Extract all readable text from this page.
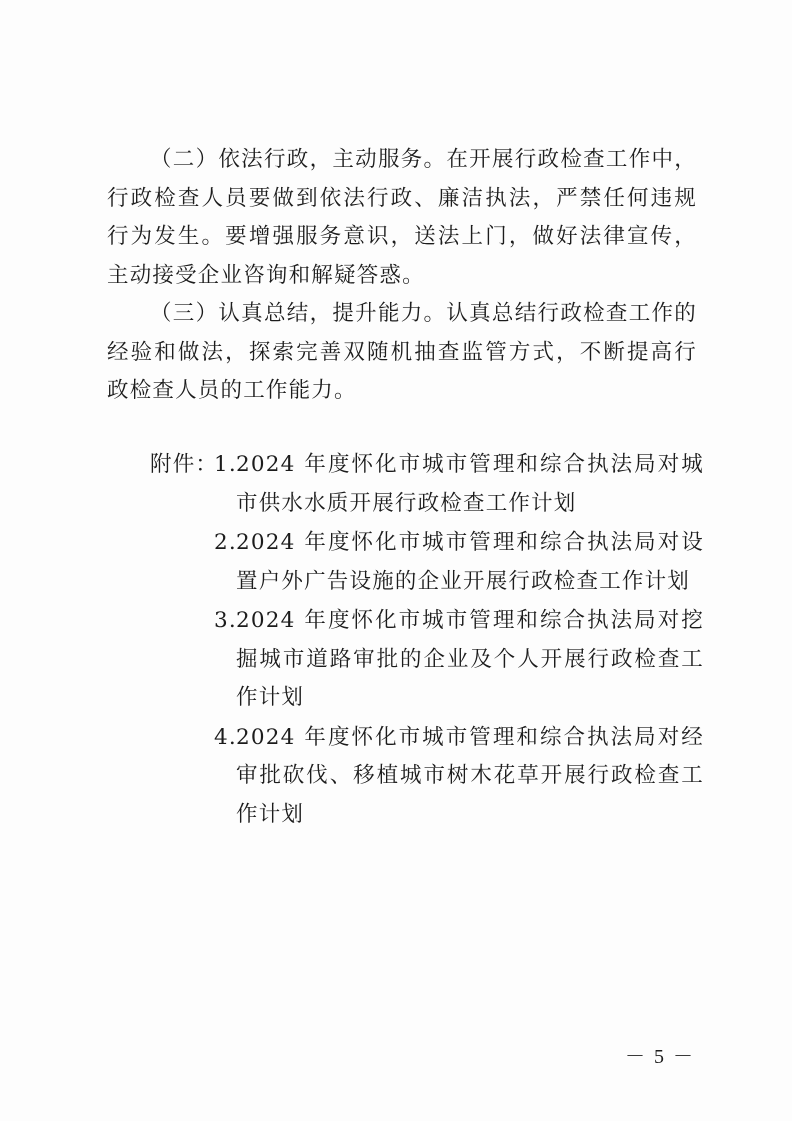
（二）依法行政，主动服务。在开展行政检查工作中，行政检查人员要做到依法行政、廉洁执法，严禁任何违规行为发生。要增强服务意识，送法上门，做好法律宣传，主动接受企业咨询和解疑答惑。

（三）认真总结，提升能力。认真总结行政检查工作的经验和做法，探索完善双随机抽查监管方式，不断提高行政检查人员的工作能力。

附件：

1. 2024 年度怀化市城市管理和综合执法局对城市供水水质开展行政检查工作计划
2. 2024 年度怀化市城市管理和综合执法局对设置户外广告设施的企业开展行政检查工作计划
3. 2024 年度怀化市城市管理和综合执法局对挖掘城市道路审批的企业及个人开展行政检查工作计划
4. 2024 年度怀化市城市管理和综合执法局对经审批砍伐、移植城市树木花草开展行政检查工作计划
－ 5 －
